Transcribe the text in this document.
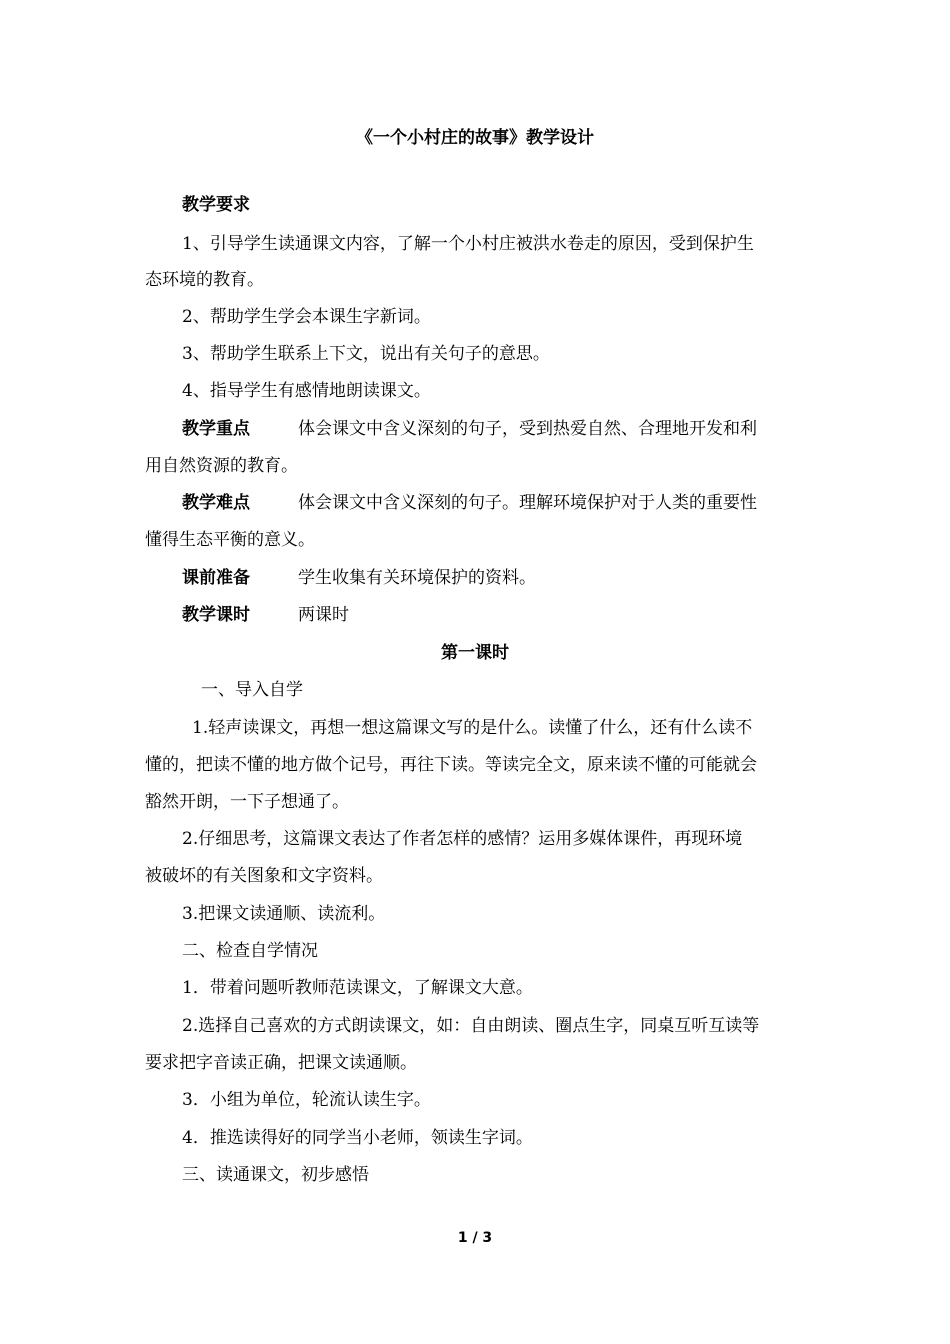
《一个小村庄的故事》教学设计
教学要求
1、引导学生读通课文内容，了解一个小村庄被洪水卷走的原因，受到保护生
态环境的教育。
2、帮助学生学会本课生字新词。
3、帮助学生联系上下文，说出有关句子的意思。
4、指导学生有感情地朗读课文。
教学重点	体会课文中含义深刻的句子，受到热爱自然、合理地开发和利
用自然资源的教育。
教学难点	体会课文中含义深刻的句子。理解环境保护对于人类的重要性
懂得生态平衡的意义。
课前准备	学生收集有关环境保护的资料。
教学课时	两课时
第一课时
一、导入自学
1.轻声读课文，再想一想这篇课文写的是什么。读懂了什么，还有什么读不
懂的，把读不懂的地方做个记号，再往下读。等读完全文，原来读不懂的可能就会
豁然开朗，一下子想通了。
2.仔细思考，这篇课文表达了作者怎样的感情？运用多媒体课件，再现环境
被破坏的有关图象和文字资料。
3.把课文读通顺、读流利。
二、检查自学情况
1．带着问题听教师范读课文，了解课文大意。
2.选择自己喜欢的方式朗读课文，如：自由朗读、圈点生字，同桌互听互读等
要求把字音读正确，把课文读通顺。
3．小组为单位，轮流认读生字。
4．推选读得好的同学当小老师，领读生字词。
三、读通课文，初步感悟
1 / 3
